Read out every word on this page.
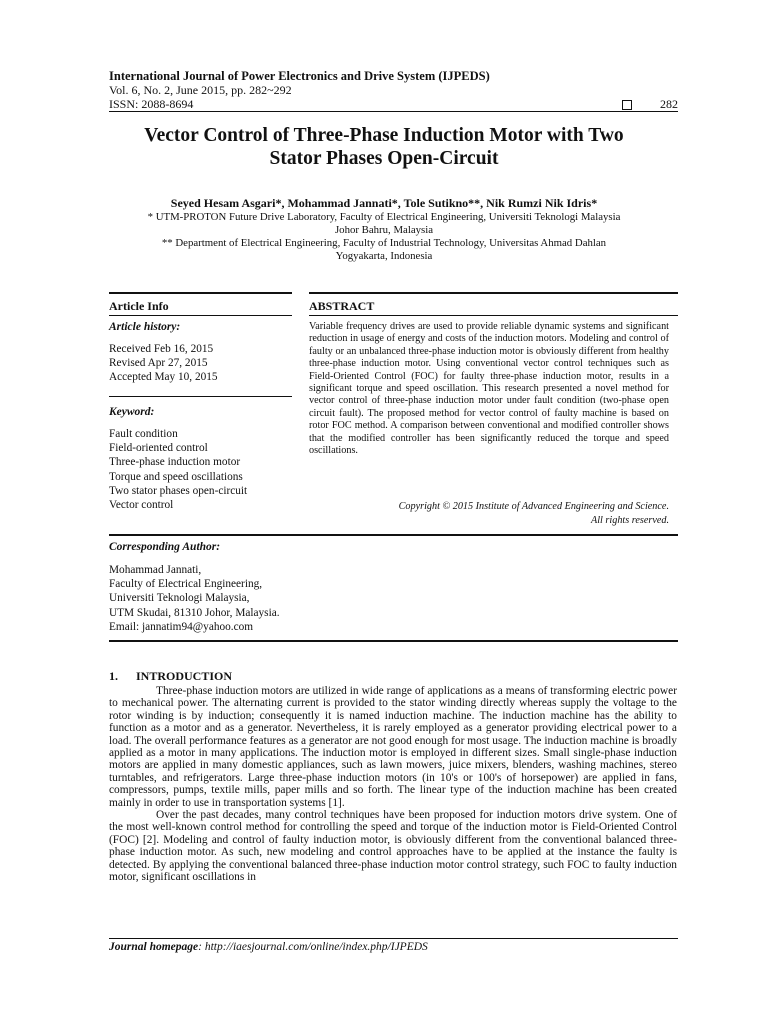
International Journal of Power Electronics and Drive System (IJPEDS)
Vol. 6, No. 2, June 2015, pp. 282~292
ISSN: 2088-8694	282
Vector Control of Three-Phase Induction Motor with Two
Stator Phases Open-Circuit
Seyed Hesam Asgari*, Mohammad Jannati*, Tole Sutikno**, Nik Rumzi Nik Idris*
* UTM-PROTON Future Drive Laboratory, Faculty of Electrical Engineering, Universiti Teknologi Malaysia
Johor Bahru, Malaysia
** Department of Electrical Engineering, Faculty of Industrial Technology, Universitas Ahmad Dahlan
Yogyakarta, Indonesia
Article Info	ABSTRACT
Article history:
Received Feb 16, 2015
Revised Apr 27, 2015
Accepted May 10, 2015
Keyword:
Fault condition
Field-oriented control
Three-phase induction motor
Torque and speed oscillations
Two stator phases open-circuit
Vector control
Variable frequency drives are used to provide reliable dynamic systems and significant reduction in usage of energy and costs of the induction motors. Modeling and control of faulty or an unbalanced three-phase induction motor is obviously different from healthy three-phase induction motor. Using conventional vector control techniques such as Field-Oriented Control (FOC) for faulty three-phase induction motor, results in a significant torque and speed oscillation. This research presented a novel method for vector control of three-phase induction motor under fault condition (two-phase open circuit fault). The proposed method for vector control of faulty machine is based on rotor FOC method. A comparison between conventional and modified controller shows that the modified controller has been significantly reduced the torque and speed oscillations.
Copyright © 2015 Institute of Advanced Engineering and Science.
All rights reserved.
Corresponding Author:
Mohammad Jannati,
Faculty of Electrical Engineering,
Universiti Teknologi Malaysia,
UTM Skudai, 81310 Johor, Malaysia.
Email: jannatim94@yahoo.com
1. INTRODUCTION

Three-phase induction motors are utilized in wide range of applications as a means of transforming electric power to mechanical power. The alternating current is provided to the stator winding directly whereas supply the voltage to the rotor winding is by induction; consequently it is named induction machine. The induction machine has the ability to function as a motor and as a generator. Nevertheless, it is rarely employed as a generator providing electrical power to a load. The overall performance features as a generator are not good enough for most usage. The induction machine is broadly applied as a motor in many applications. The induction motor is employed in different sizes. Small single-phase induction motors are applied in many domestic appliances, such as lawn mowers, juice mixers, blenders, washing machines, stereo turntables, and refrigerators. Large three-phase induction motors (in 10's or 100's of horsepower) are applied in fans, compressors, pumps, textile mills, paper mills and so forth. The linear type of the induction machine has been created mainly in order to use in transportation systems [1].

Over the past decades, many control techniques have been proposed for induction motors drive system. One of the most well-known control method for controlling the speed and torque of the induction motor is Field-Oriented Control (FOC) [2]. Modeling and control of faulty induction motor, is obviously different from the conventional balanced three-phase induction motor. As such, new modeling and control approaches have to be applied at the instance the faulty is detected. By applying the conventional balanced three-phase induction motor control strategy, such FOC to faulty induction motor, significant oscillations in

Journal homepage: http://iaesjournal.com/online/index.php/IJPEDS
